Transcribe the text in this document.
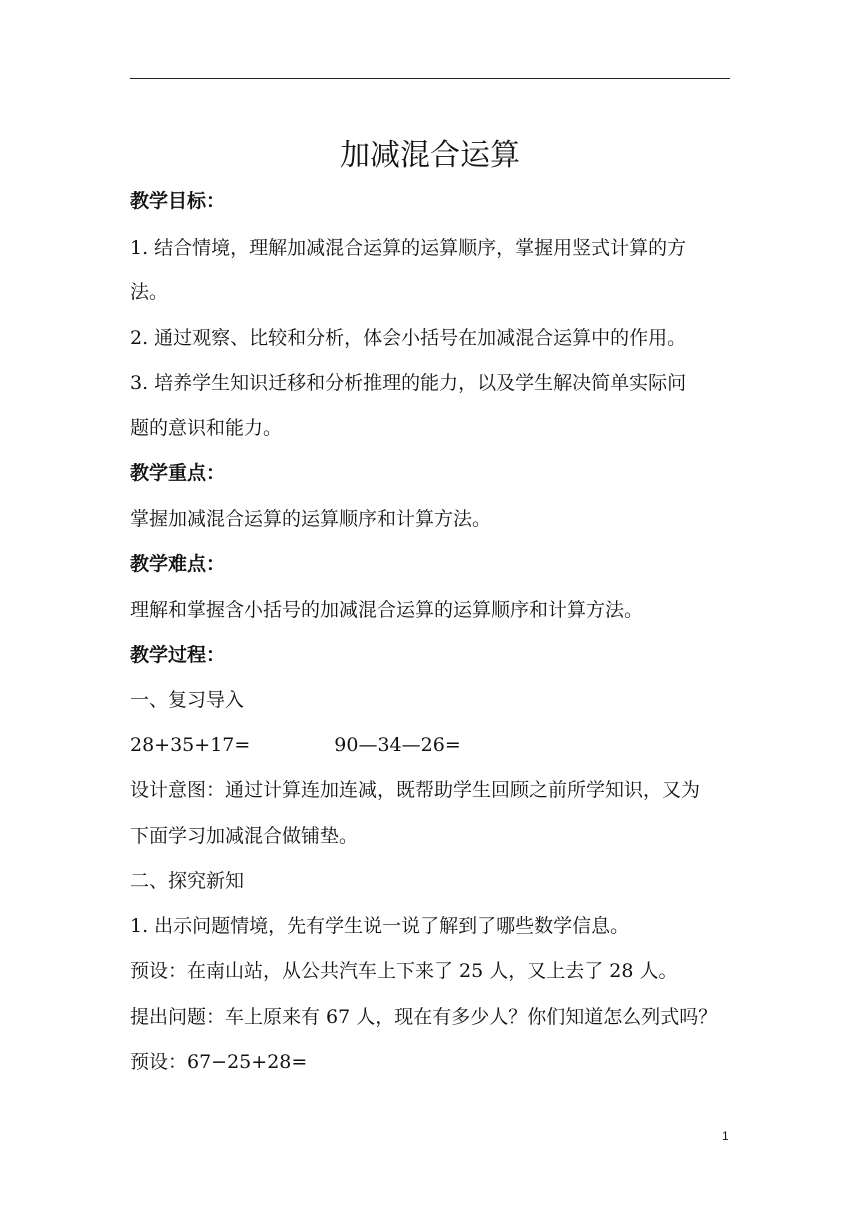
加减混合运算

教学目标：

1. 结合情境，理解加减混合运算的运算顺序，掌握用竖式计算的方

法。

2. 通过观察、比较和分析，体会小括号在加减混合运算中的作用。

3. 培养学生知识迁移和分析推理的能力，以及学生解决简单实际问

题的意识和能力。

教学重点：

掌握加减混合运算的运算顺序和计算方法。

教学难点：

理解和掌握含小括号的加减混合运算的运算顺序和计算方法。

教学过程：

一、复习导入

28+35+17=	90—34—26=

设计意图：通过计算连加连减，既帮助学生回顾之前所学知识，又为

下面学习加减混合做铺垫。

二、探究新知

1. 出示问题情境，先有学生说一说了解到了哪些数学信息。

预设：在南山站，从公共汽车上下来了 25 人，又上去了 28 人。

提出问题：车上原来有 67 人，现在有多少人？你们知道怎么列式吗？

预设：67−25+28=

1
